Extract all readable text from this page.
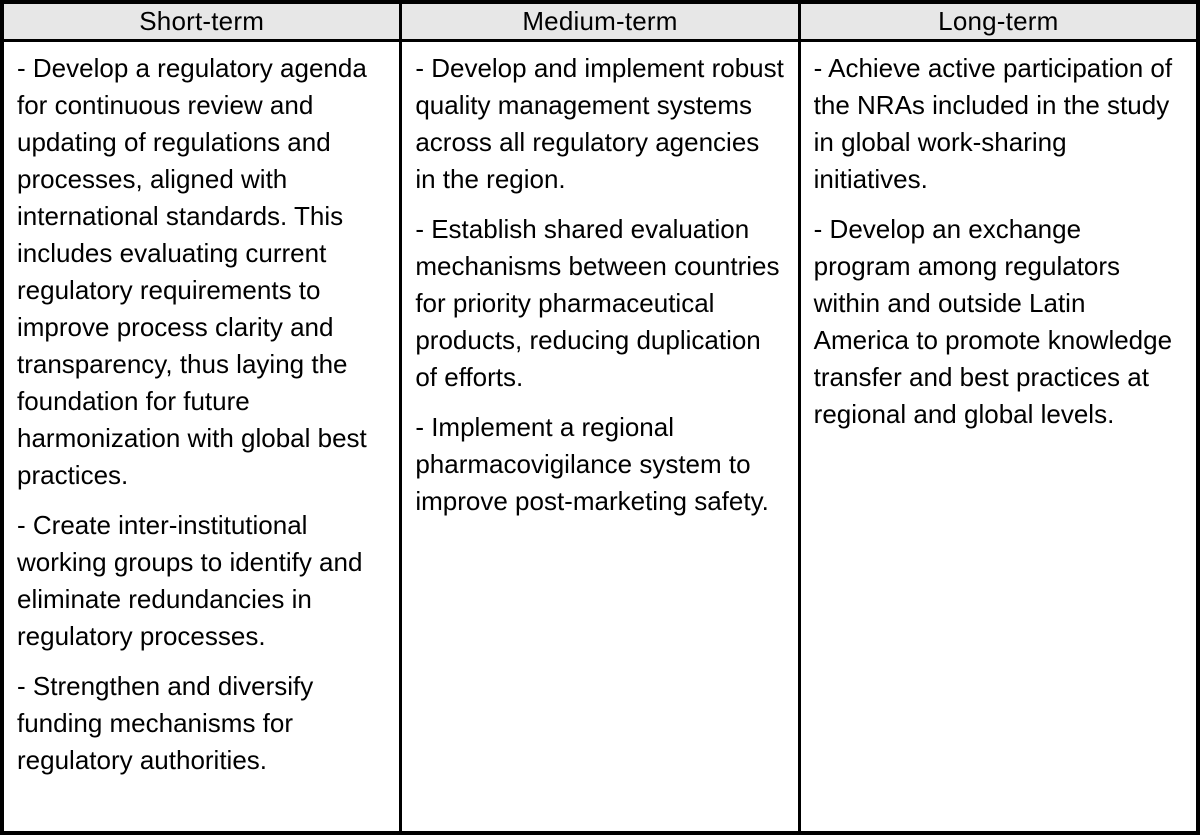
Short-term	Medium-term	Long-term

- Develop a regulatory agenda for continuous review and updating of regulations and processes, aligned with international standards. This includes evaluating current regulatory requirements to improve process clarity and transparency, thus laying the foundation for future harmonization with global best practices.

- Create inter-institutional working groups to identify and eliminate redundancies in regulatory processes.

- Strengthen and diversify funding mechanisms for regulatory authorities.

- Develop and implement robust quality management systems across all regulatory agencies in the region.

- Establish shared evaluation mechanisms between countries for priority pharmaceutical products, reducing duplication of efforts.

- Implement a regional pharmacovigilance system to improve post-marketing safety.

- Achieve active participation of the NRAs included in the study in global work-sharing initiatives.

- Develop an exchange program among regulators within and outside Latin America to promote knowledge transfer and best practices at regional and global levels.
